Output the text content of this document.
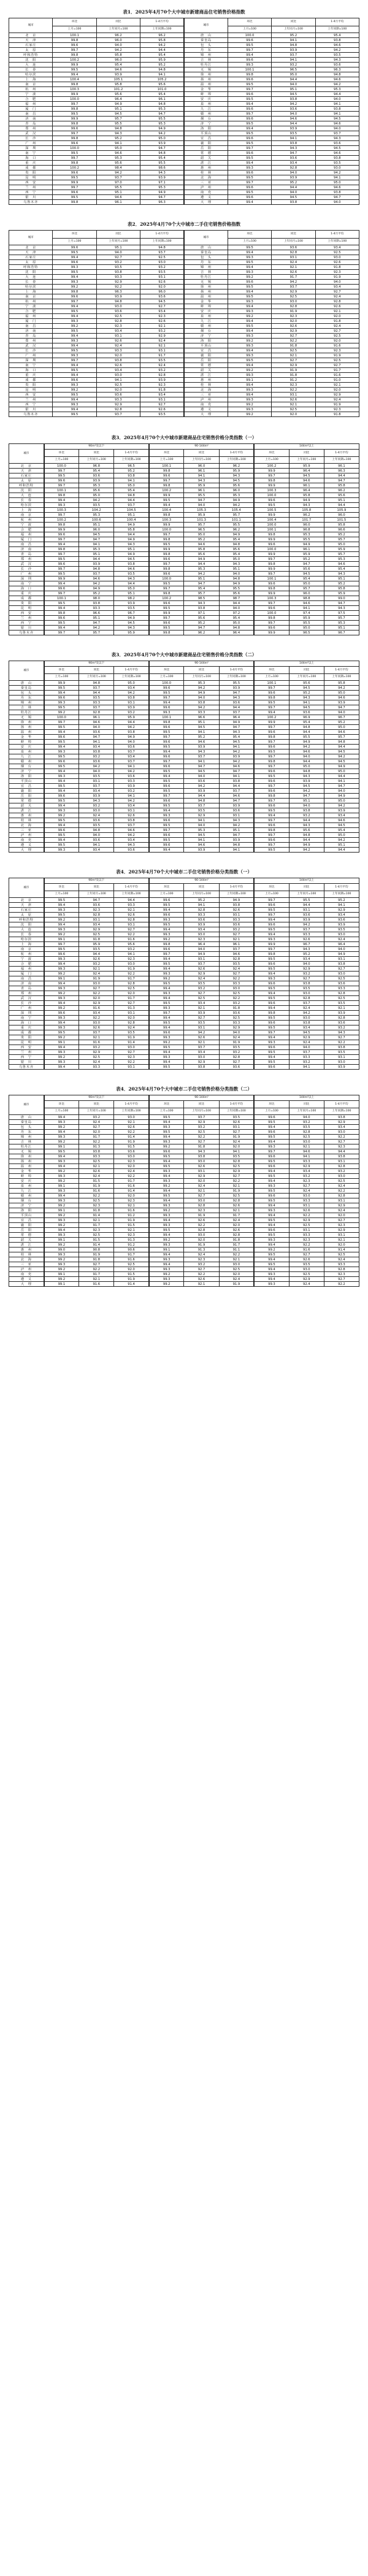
表1．2025年4月70个大中城市新建商品住宅销售价格指数
城市	环比	同比	1-4月平均	城市	环比	同比	1-4月平均
	上月=100	上年同月=100	上年同期=100		上月=100	上年同月=100	上年同期=100
北　京	100.1	96.2	96.2	唐　山	100.0	95.2	95.4
天　津	99.8	96.0	95.8	秦皇岛	99.6	94.1	93.8
石家庄	99.6	94.0	94.2	包　头	99.5	94.8	94.6
太　原	99.7	94.2	94.4	丹　东	99.7	93.9	94.2
呼和浩特	99.8	95.8	95.4	锦　州	99.4	93.7	93.5
沈　阳	100.2	96.0	95.9	吉　林	99.6	94.1	94.3
大　连	99.9	95.4	95.2	牡丹江	99.3	93.2	93.6
长　春	99.5	94.6	94.8	无　锡	100.1	96.5	96.3
哈尔滨	99.4	93.9	94.1	徐　州	99.8	95.0	94.8
上　海	100.4	105.1	105.2	扬　州	99.6	94.4	94.6
南　京	99.8	95.8	95.6	温　州	99.5	94.0	94.2
杭　州	100.3	101.2	101.0	金　华	99.7	95.1	95.3
宁　波	99.9	95.6	95.4	蚌　埠	99.6	94.5	94.4
合　肥	100.0	96.4	96.1	安　庆	99.5	93.8	94.0
福　州	99.7	94.9	94.8	泉　州	99.4	94.2	94.1
厦　门	99.8	95.1	95.3	九　江	99.6	93.6	93.8
南　昌	99.5	94.5	94.7	赣　州	99.7	94.0	94.1
济　南	99.9	95.7	95.5	烟　台	99.6	94.6	94.5
青　岛	99.8	95.5	95.3	济　宁	99.5	94.4	94.6
郑　州	99.6	94.8	94.9	洛　阳	99.4	93.9	94.0
武　汉	99.7	94.3	94.2	平顶山	99.5	93.5	93.7
长　沙	99.8	95.2	95.0	宜　昌	99.6	94.1	94.3
广　州	99.6	94.1	93.9	襄　阳	99.5	93.8	93.6
深　圳	100.0	95.0	94.7	岳　阳	99.7	94.3	94.5
南　宁	99.5	94.6	94.8	常　德	99.6	94.7	94.6
海　口	99.7	95.3	95.4	韶　关	99.5	93.6	93.8
重　庆	99.8	95.6	95.5	湛　江	99.4	93.4	93.5
成　都	100.2	98.4	98.6	惠　州	99.3	92.8	93.0
贵　阳	99.6	94.2	94.3	桂　林	99.6	94.0	94.2
昆　明	99.5	93.7	93.9	北　海	99.5	93.9	94.1
西　安	99.9	97.0	97.1	三　亚	99.7	95.2	95.0
兰　州	99.7	95.5	95.3	泸　州	99.6	94.4	94.6
西　宁	99.6	95.1	94.9	南　充	99.5	94.0	93.8
银　川	99.5	94.6	94.7	遵　义	99.6	94.5	94.7
乌鲁木齐	99.8	96.1	96.3	大　理	99.4	93.8	94.0
表2．2025年4月70个大中城市二手住宅销售价格指数
城市	环比	同比	1-4月平均	城市	环比	同比	1-4月平均
	上月=100	上年同月=100	上年同期=100		上月=100	上年同月=100	上年同期=100
北　京	99.6	95.1	94.8	唐　山	99.5	93.6	93.4
天　津	99.5	94.0	93.7	秦皇岛	99.4	92.8	92.5
石家庄	99.4	92.7	92.5	包　头	99.3	93.1	93.0
太　原	99.6	93.2	93.0	丹　东	99.5	92.4	92.6
呼和浩特	99.3	93.5	93.2	锦　州	99.4	92.1	91.8
沈　阳	99.5	93.8	93.5	吉　林	99.3	92.6	92.3
大　连	99.4	93.3	93.1	牡丹江	99.2	91.7	91.9
长　春	99.3	92.9	92.6	无　锡	99.6	94.2	94.0
哈尔滨	99.2	92.2	92.0	徐　州	99.5	93.7	93.4
上　海	99.8	96.3	96.0	扬　州	99.4	92.9	92.7
南　京	99.6	93.9	93.6	温　州	99.5	92.5	92.4
杭　州	99.7	94.8	94.5	金　华	99.3	93.0	92.8
宁　波	99.4	93.0	92.7	蚌　埠	99.4	92.8	92.6
合　肥	99.5	93.6	93.4	安　庆	99.3	91.9	92.1
福　州	99.4	92.5	92.3	泉　州	99.2	92.3	92.0
厦　门	99.3	92.8	92.6	九　江	99.4	92.0	91.8
南　昌	99.2	92.3	92.1	赣　州	99.5	92.6	92.4
济　南	99.5	93.4	93.2	烟　台	99.4	92.9	92.7
青　岛	99.4	93.1	92.9	济　宁	99.3	92.7	92.5
郑　州	99.3	92.6	92.4	洛　阳	99.2	92.2	92.0
武　汉	99.4	92.4	92.1	平顶山	99.3	91.8	91.6
长　沙	99.5	93.3	93.1	宜　昌	99.4	92.5	92.3
广　州	99.3	92.0	91.7	襄　阳	99.3	92.1	91.9
深　圳	99.7	93.8	93.5	岳　阳	99.5	92.7	92.5
南　宁	99.4	92.6	92.4	常　德	99.4	92.9	92.7
海　口	99.5	93.4	93.2	韶　关	99.2	91.9	91.7
重　庆	99.4	93.0	92.8	湛　江	99.3	91.8	91.6
成　都	99.6	94.1	93.9	惠　州	99.1	91.2	91.0
贵　阳	99.3	92.5	92.3	桂　林	99.4	92.3	92.1
昆　明	99.2	92.0	91.8	北　海	99.3	92.2	92.0
西　安	99.5	93.6	93.4	三　亚	99.4	93.1	92.9
兰　州	99.4	93.3	93.1	泸　州	99.3	92.6	92.4
西　宁	99.3	92.9	92.7	南　充	99.2	92.1	91.9
银　川	99.4	92.8	92.6	遵　义	99.3	92.5	92.3
乌鲁木齐	99.5	93.7	93.5	大　理	99.2	92.0	91.8
表3．2025年4月70个大中城市新建商品住宅销售价格分类指数（一）
城市	90m²及以下			90-144m²			144m²以上		
	环比	同比	1-4月平均	环比	同比	1-4月平均	环比	同比	1-4月平均
	上月=100	上年同月=100	上年同期=100	上月=100	上年同月=100	上年同期=100	上月=100	上年同月=100	上年同期=100
北　京	100.0	96.8	96.5	100.1	96.0	96.2	100.2	95.9	96.1
天　津	99.7	95.4	95.2	99.8	96.1	95.9	99.9	96.4	96.3
石家庄	99.5	93.6	93.8	99.6	94.1	94.3	99.7	94.5	94.4
太　原	99.6	93.9	94.1	99.7	94.3	94.5	99.8	94.6	94.7
呼和浩特	99.7	95.3	95.0	99.8	95.9	95.6	99.9	96.1	95.8
沈　阳	100.1	95.6	95.4	100.2	96.1	96.0	100.3	96.4	96.2
大　连	99.8	95.0	94.8	99.9	95.5	95.3	100.0	95.8	95.6
长　春	99.4	94.2	94.4	99.5	94.7	94.9	99.6	94.9	95.1
哈尔滨	99.3	93.5	93.7	99.4	94.0	94.2	99.5	94.3	94.4
上　海	100.3	104.2	104.5	100.4	105.3	105.4	100.5	105.8	105.9
南　京	99.7	95.3	95.1	99.8	95.9	95.7	99.9	96.2	96.0
杭　州	100.2	100.6	100.4	100.3	101.3	101.1	100.4	101.7	101.5
宁　波	99.8	95.1	94.9	99.9	95.7	95.5	100.0	96.0	95.8
合　肥	99.9	96.0	95.8	100.0	96.5	96.2	100.1	96.8	96.6
福　州	99.6	94.5	94.4	99.7	95.0	94.9	99.8	95.3	95.2
厦　门	99.7	94.7	94.9	99.8	95.2	95.4	99.9	95.5	95.7
南　昌	99.4	94.1	94.3	99.5	94.6	94.8	99.6	94.9	95.0
济　南	99.8	95.3	95.1	99.9	95.8	95.6	100.0	96.1	95.9
青　岛	99.7	95.1	94.9	99.8	95.6	95.4	99.9	95.9	95.7
郑　州	99.5	94.4	94.5	99.6	94.9	95.0	99.7	95.2	95.3
武　汉	99.6	93.9	93.8	99.7	94.4	94.3	99.8	94.7	94.6
长　沙	99.7	94.8	94.6	99.8	95.3	95.1	99.9	95.6	95.4
广　州	99.5	93.7	93.5	99.6	94.2	94.0	99.7	94.5	94.3
深　圳	99.9	94.6	94.3	100.0	95.1	94.8	100.1	95.4	95.1
南　宁	99.4	94.2	94.4	99.5	94.7	94.9	99.6	95.0	95.2
海　口	99.6	94.9	95.0	99.7	95.4	95.5	99.8	95.7	95.8
重　庆	99.7	95.2	95.1	99.8	95.7	95.6	99.9	96.0	95.9
成　都	100.1	98.0	98.2	100.2	98.5	98.7	100.3	98.8	99.0
贵　阳	99.5	93.8	93.9	99.6	94.3	94.4	99.7	94.6	94.7
昆　明	99.4	93.3	93.5	99.5	93.8	94.0	99.6	94.1	94.3
西　安	99.8	96.6	96.7	99.9	97.1	97.2	100.0	97.4	97.5
兰　州	99.6	95.1	94.9	99.7	95.6	95.4	99.8	95.9	95.7
西　宁	99.5	94.7	94.5	99.6	95.2	95.0	99.7	95.5	95.3
银　川	99.4	94.2	94.3	99.5	94.7	94.8	99.6	95.0	95.1
乌鲁木齐	99.7	95.7	95.9	99.8	96.2	96.4	99.9	96.5	96.7
表3．2025年4月70个大中城市新建商品住宅销售价格分类指数（二）
城市	90m²及以下			90-144m²			144m²以上		
	环比	同比	1-4月平均	环比	同比	1-4月平均	环比	同比	1-4月平均
	上月=100	上年同月=100	上年同期=100	上月=100	上年同月=100	上年同期=100	上月=100	上年同月=100	上年同期=100
唐　山	99.9	94.8	95.0	100.0	95.3	95.5	100.1	95.6	95.8
秦皇岛	99.5	93.7	93.4	99.6	94.2	93.9	99.7	94.5	94.2
包　头	99.4	94.4	94.2	99.5	94.9	94.7	99.6	95.2	95.0
丹　东	99.6	93.5	93.8	99.7	94.0	94.3	99.8	94.3	94.6
锦　州	99.3	93.3	93.1	99.4	93.8	93.6	99.5	94.1	93.9
吉　林	99.5	93.7	93.9	99.6	94.2	94.4	99.7	94.5	94.7
牡丹江	99.2	92.8	93.2	99.3	93.3	93.7	99.4	93.6	94.0
无　锡	100.0	96.1	95.9	100.1	96.6	96.4	100.2	96.9	96.7
徐　州	99.7	94.6	94.4	99.8	95.1	94.9	99.9	95.4	95.2
扬　州	99.5	94.0	94.2	99.6	94.5	94.7	99.7	94.8	95.0
温　州	99.4	93.6	93.8	99.5	94.1	94.3	99.6	94.4	94.6
金　华	99.6	94.7	94.9	99.7	95.2	95.4	99.8	95.5	95.7
蚌　埠	99.5	94.1	94.0	99.6	94.6	94.5	99.7	94.9	94.8
安　庆	99.4	93.4	93.6	99.5	93.9	94.1	99.6	94.2	94.4
泉　州	99.3	93.8	93.7	99.4	94.3	94.2	99.5	94.6	94.5
九　江	99.5	93.2	93.4	99.6	93.7	93.9	99.7	94.0	94.2
赣　州	99.6	93.6	93.7	99.7	94.1	94.2	99.8	94.4	94.5
烟　台	99.5	94.2	94.1	99.6	94.7	94.6	99.7	95.0	94.9
济　宁	99.4	94.0	94.2	99.5	94.5	94.7	99.6	94.8	95.0
洛　阳	99.3	93.5	93.6	99.4	94.0	94.1	99.5	94.3	94.4
平顶山	99.4	93.1	93.3	99.5	93.6	93.8	99.6	93.9	94.1
宜　昌	99.5	93.7	93.9	99.6	94.2	94.4	99.7	94.5	94.7
襄　阳	99.4	93.4	93.2	99.5	93.9	93.7	99.6	94.2	94.0
岳　阳	99.6	93.9	94.1	99.7	94.4	94.6	99.8	94.7	94.9
常　德	99.5	94.3	94.2	99.6	94.8	94.7	99.7	95.1	95.0
韶　关	99.4	93.2	93.4	99.5	93.7	93.9	99.6	94.0	94.2
湛　江	99.3	93.0	93.1	99.4	93.5	93.6	99.5	93.8	93.9
惠　州	99.2	92.4	92.6	99.3	92.9	93.1	99.4	93.2	93.4
桂　林	99.5	93.6	93.8	99.6	94.1	94.3	99.7	94.4	94.6
北　海	99.4	93.5	93.7	99.5	94.0	94.2	99.6	94.3	94.5
三　亚	99.6	94.8	94.6	99.7	95.3	95.1	99.8	95.6	95.4
泸　州	99.5	94.0	94.2	99.6	94.5	94.7	99.7	94.8	95.0
南　充	99.4	93.6	93.4	99.5	94.1	93.9	99.6	94.4	94.2
遵　义	99.5	94.1	94.3	99.6	94.6	94.8	99.7	94.9	95.1
大　理	99.3	93.4	93.6	99.4	93.9	94.1	99.5	94.2	94.4
表4．2025年4月70个大中城市二手住宅销售价格分类指数（一）
城市	90m²及以下			90-144m²			144m²以上		
	环比	同比	1-4月平均	环比	同比	1-4月平均	环比	同比	1-4月平均
	上月=100	上年同月=100	上年同期=100	上月=100	上年同月=100	上年同期=100	上月=100	上年同月=100	上年同期=100
北　京	99.5	94.7	94.4	99.6	95.2	94.9	99.7	95.5	95.2
天　津	99.4	93.6	93.3	99.5	94.1	93.8	99.6	94.4	94.1
石家庄	99.3	92.3	92.1	99.4	92.8	92.6	99.5	93.1	92.9
太　原	99.5	92.8	92.6	99.6	93.3	93.1	99.7	93.6	93.4
呼和浩特	99.2	93.1	92.8	99.3	93.6	93.3	99.4	93.9	93.6
沈　阳	99.4	93.4	93.1	99.5	93.9	93.6	99.6	94.2	93.9
大　连	99.3	92.9	92.7	99.4	93.4	93.2	99.5	93.7	93.5
长　春	99.2	92.5	92.2	99.3	93.0	92.7	99.4	93.3	93.0
哈尔滨	99.1	91.8	91.6	99.2	92.3	92.1	99.3	92.6	92.4
上　海	99.7	95.9	95.6	99.8	96.4	96.1	99.9	96.7	96.4
南　京	99.5	93.5	93.2	99.6	94.0	93.7	99.7	94.3	94.0
杭　州	99.6	94.4	94.1	99.7	94.9	94.6	99.8	95.2	94.9
宁　波	99.3	92.6	92.3	99.4	93.1	92.8	99.5	93.4	93.1
合　肥	99.4	93.2	93.0	99.5	93.7	93.5	99.6	94.0	93.8
福　州	99.3	92.1	91.9	99.4	92.6	92.4	99.5	92.9	92.7
厦　门	99.2	92.4	92.2	99.3	92.9	92.7	99.4	93.2	93.0
南　昌	99.1	91.9	91.7	99.2	92.4	92.2	99.3	92.7	92.5
济　南	99.4	93.0	92.8	99.5	93.5	93.3	99.6	93.8	93.6
青　岛	99.3	92.7	92.5	99.4	93.2	93.0	99.5	93.5	93.3
郑　州	99.2	92.2	92.0	99.3	92.7	92.5	99.4	93.0	92.8
武　汉	99.3	92.0	91.7	99.4	92.5	92.2	99.5	92.8	92.5
长　沙	99.4	92.9	92.7	99.5	93.4	93.2	99.6	93.7	93.5
广　州	99.2	91.6	91.3	99.3	92.1	91.8	99.4	92.4	92.1
深　圳	99.6	93.4	93.1	99.7	93.9	93.6	99.8	94.2	93.9
南　宁	99.3	92.2	92.0	99.4	92.7	92.5	99.5	93.0	92.8
海　口	99.4	93.0	92.8	99.5	93.5	93.3	99.6	93.8	93.6
重　庆	99.3	92.6	92.4	99.4	93.1	92.9	99.5	93.4	93.2
成　都	99.5	93.7	93.5	99.6	94.2	94.0	99.7	94.5	94.3
贵　阳	99.2	92.1	91.9	99.3	92.6	92.4	99.4	92.9	92.7
昆　明	99.1	91.6	91.4	99.2	92.1	91.9	99.3	92.4	92.2
西　安	99.4	93.2	93.0	99.5	93.7	93.5	99.6	94.0	93.8
兰　州	99.3	92.9	92.7	99.4	93.4	93.2	99.5	93.7	93.5
西　宁	99.2	92.5	92.3	99.3	93.0	92.8	99.4	93.3	93.1
银　川	99.3	92.4	92.2	99.4	92.9	92.7	99.5	93.2	93.0
乌鲁木齐	99.4	93.3	93.1	99.5	93.8	93.6	99.6	94.1	93.9
表4．2025年4月70个大中城市二手住宅销售价格分类指数（二）
城市	90m²及以下			90-144m²			144m²以上		
	环比	同比	1-4月平均	环比	同比	1-4月平均	环比	同比	1-4月平均
	上月=100	上年同月=100	上年同期=100	上月=100	上年同月=100	上年同期=100	上月=100	上年同月=100	上年同期=100
唐　山	99.4	93.2	93.0	99.5	93.7	93.5	99.6	94.0	93.8
秦皇岛	99.3	92.4	92.1	99.4	92.9	92.6	99.5	93.2	92.9
包　头	99.2	92.7	92.6	99.3	93.2	93.1	99.4	93.5	93.4
丹　东	99.4	92.0	92.2	99.5	92.5	92.7	99.6	92.8	93.0
锦　州	99.3	91.7	91.4	99.4	92.2	91.9	99.5	92.5	92.2
吉　林	99.2	92.2	91.9	99.3	92.7	92.4	99.4	93.0	92.7
牡丹江	99.1	91.3	91.5	99.2	91.8	92.0	99.3	92.1	92.3
无　锡	99.5	93.8	93.6	99.6	94.3	94.1	99.7	94.6	94.4
徐　州	99.4	93.3	93.0	99.5	93.8	93.5	99.6	94.1	93.8
扬　州	99.3	92.5	92.3	99.4	93.0	92.8	99.5	93.3	93.1
温　州	99.4	92.1	92.0	99.5	92.6	92.5	99.6	92.9	92.8
金　华	99.2	92.6	92.4	99.3	93.1	92.9	99.4	93.4	93.2
蚌　埠	99.3	92.4	92.2	99.4	92.9	92.7	99.5	93.2	93.0
安　庆	99.2	91.5	91.7	99.3	92.0	92.2	99.4	92.3	92.5
泉　州	99.1	91.9	91.6	99.2	92.4	92.1	99.3	92.7	92.4
九　江	99.3	91.6	91.4	99.4	92.1	91.9	99.5	92.4	92.2
赣　州	99.4	92.2	92.0	99.5	92.7	92.5	99.6	93.0	92.8
烟　台	99.3	92.5	92.3	99.4	93.0	92.8	99.5	93.3	93.1
济　宁	99.2	92.3	92.1	99.3	92.8	92.6	99.4	93.1	92.9
洛　阳	99.1	91.8	91.6	99.2	92.3	92.1	99.3	92.6	92.4
平顶山	99.2	91.4	91.2	99.3	91.9	91.7	99.4	92.2	92.0
宜　昌	99.3	92.1	91.9	99.4	92.6	92.4	99.5	92.9	92.7
襄　阳	99.2	91.7	91.5	99.3	92.2	92.0	99.4	92.5	92.3
岳　阳	99.4	92.3	92.1	99.5	92.8	92.6	99.6	93.1	92.9
常　德	99.3	92.5	92.3	99.4	93.0	92.8	99.5	93.3	93.1
韶　关	99.1	91.5	91.3	99.2	92.0	91.8	99.3	92.3	92.1
湛　江	99.2	91.4	91.2	99.3	91.9	91.7	99.4	92.2	92.0
惠　州	99.0	90.8	90.6	99.1	91.3	91.1	99.2	91.6	91.4
桂　林	99.3	91.9	91.7	99.4	92.4	92.2	99.5	92.7	92.5
北　海	99.2	91.8	91.6	99.3	92.3	92.1	99.4	92.6	92.4
三　亚	99.3	92.7	92.5	99.4	93.2	93.0	99.5	93.5	93.3
泸　州	99.2	92.2	92.0	99.3	92.7	92.5	99.4	93.0	92.8
南　充	99.1	91.7	91.5	99.2	92.2	92.0	99.3	92.5	92.3
遵　义	99.2	92.1	91.9	99.3	92.6	92.4	99.4	92.9	92.7
大　理	99.1	91.6	91.4	99.2	92.1	91.9	99.3	92.4	92.2
